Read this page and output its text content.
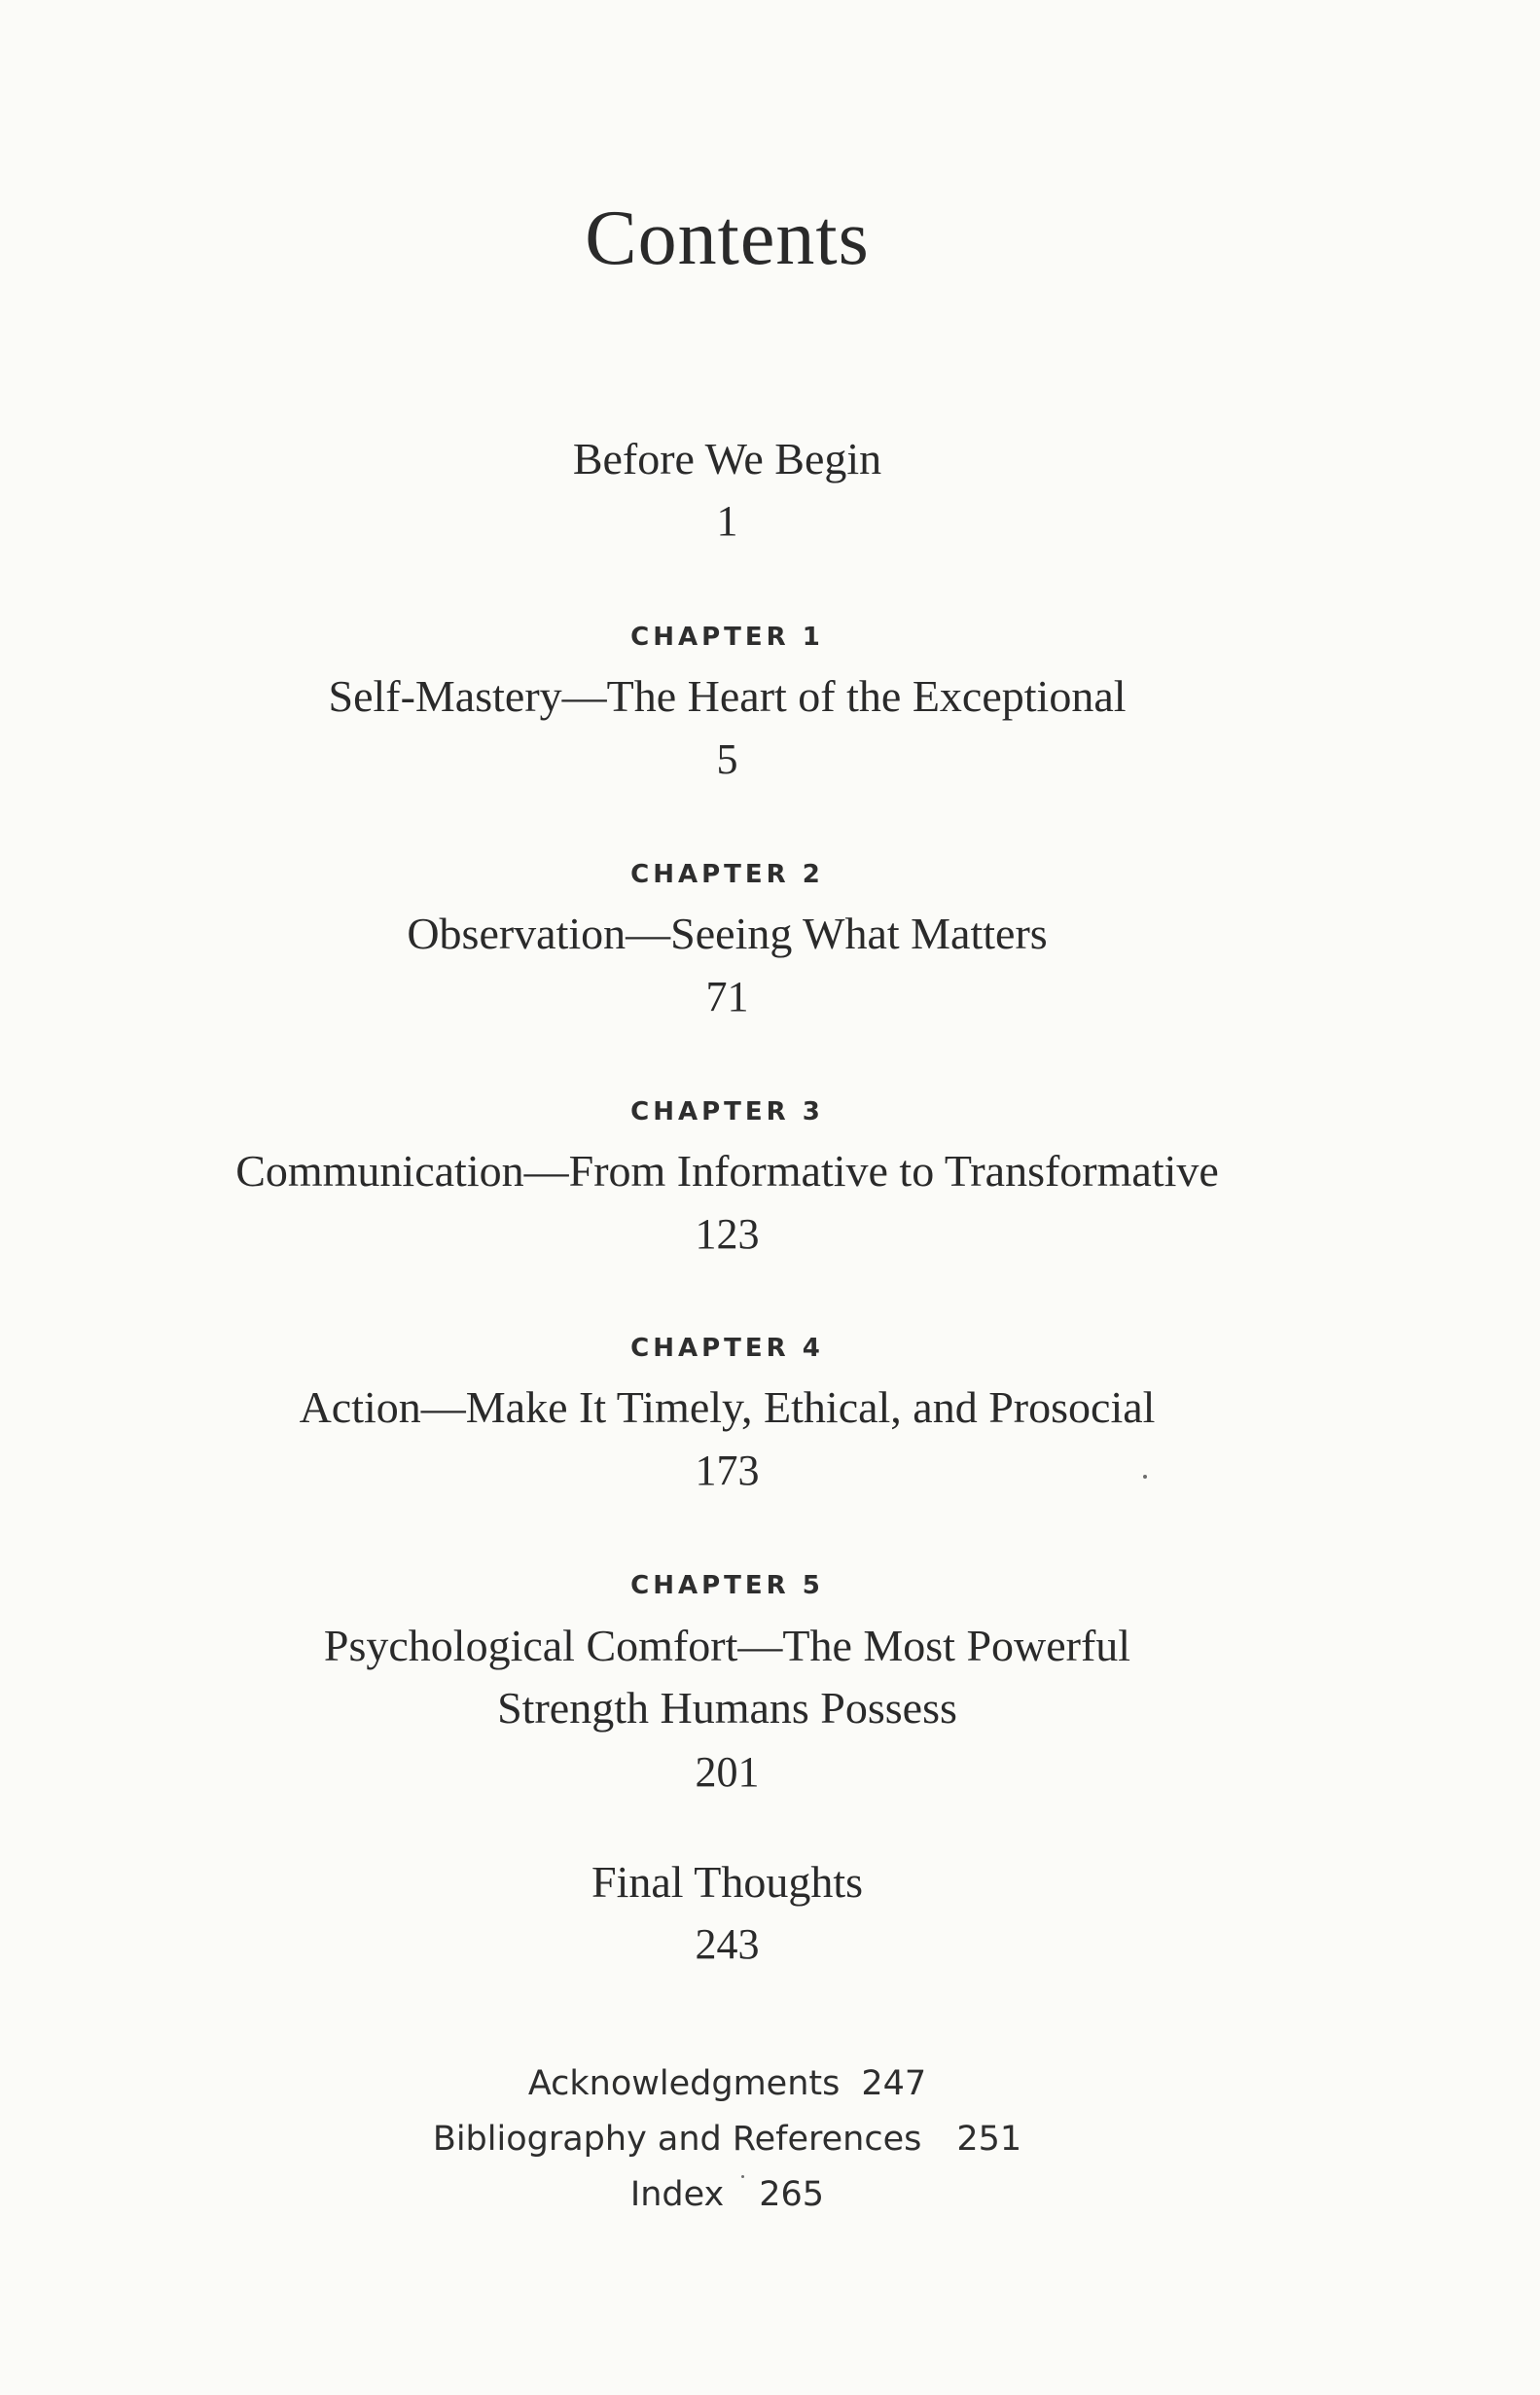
Contents
Before We Begin
1
CHAPTER 1
Self-Mastery—The Heart of the Exceptional
5
CHAPTER 2
Observation—Seeing What Matters
71
CHAPTER 3
Communication—From Informative to Transformative
123
CHAPTER 4
Action—Make It Timely, Ethical, and Prosocial
173
CHAPTER 5
Psychological Comfort—The Most Powerful
Strength Humans Possess
201
Final Thoughts
243
Acknowledgments 247
Bibliography and References 251
Index 265
